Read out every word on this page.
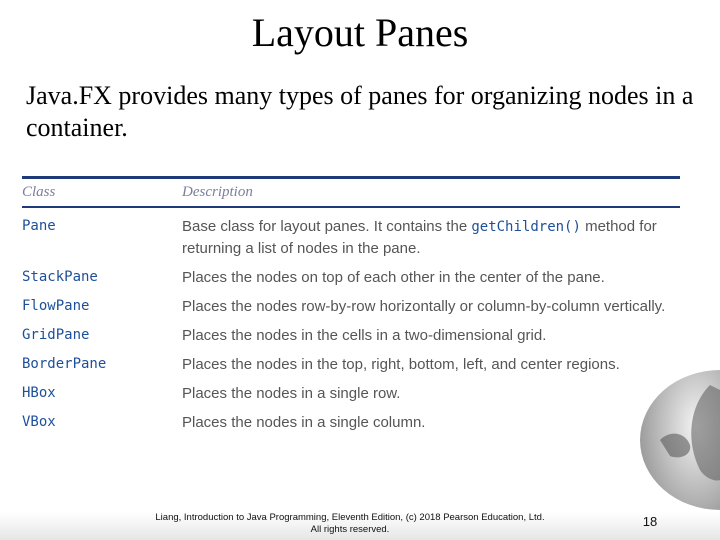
Layout Panes
Java.FX provides many types of panes for organizing nodes in a container.
Class	Description
Pane	Base class for layout panes. It contains the getChildren() method for returning a list of nodes in the pane.
StackPane	Places the nodes on top of each other in the center of the pane.
FlowPane	Places the nodes row-by-row horizontally or column-by-column vertically.
GridPane	Places the nodes in the cells in a two-dimensional grid.
BorderPane	Places the nodes in the top, right, bottom, left, and center regions.
HBox	Places the nodes in a single row.
VBox	Places the nodes in a single column.
Liang, Introduction to Java Programming, Eleventh Edition, (c) 2018 Pearson Education, Ltd.
All rights reserved.
18
